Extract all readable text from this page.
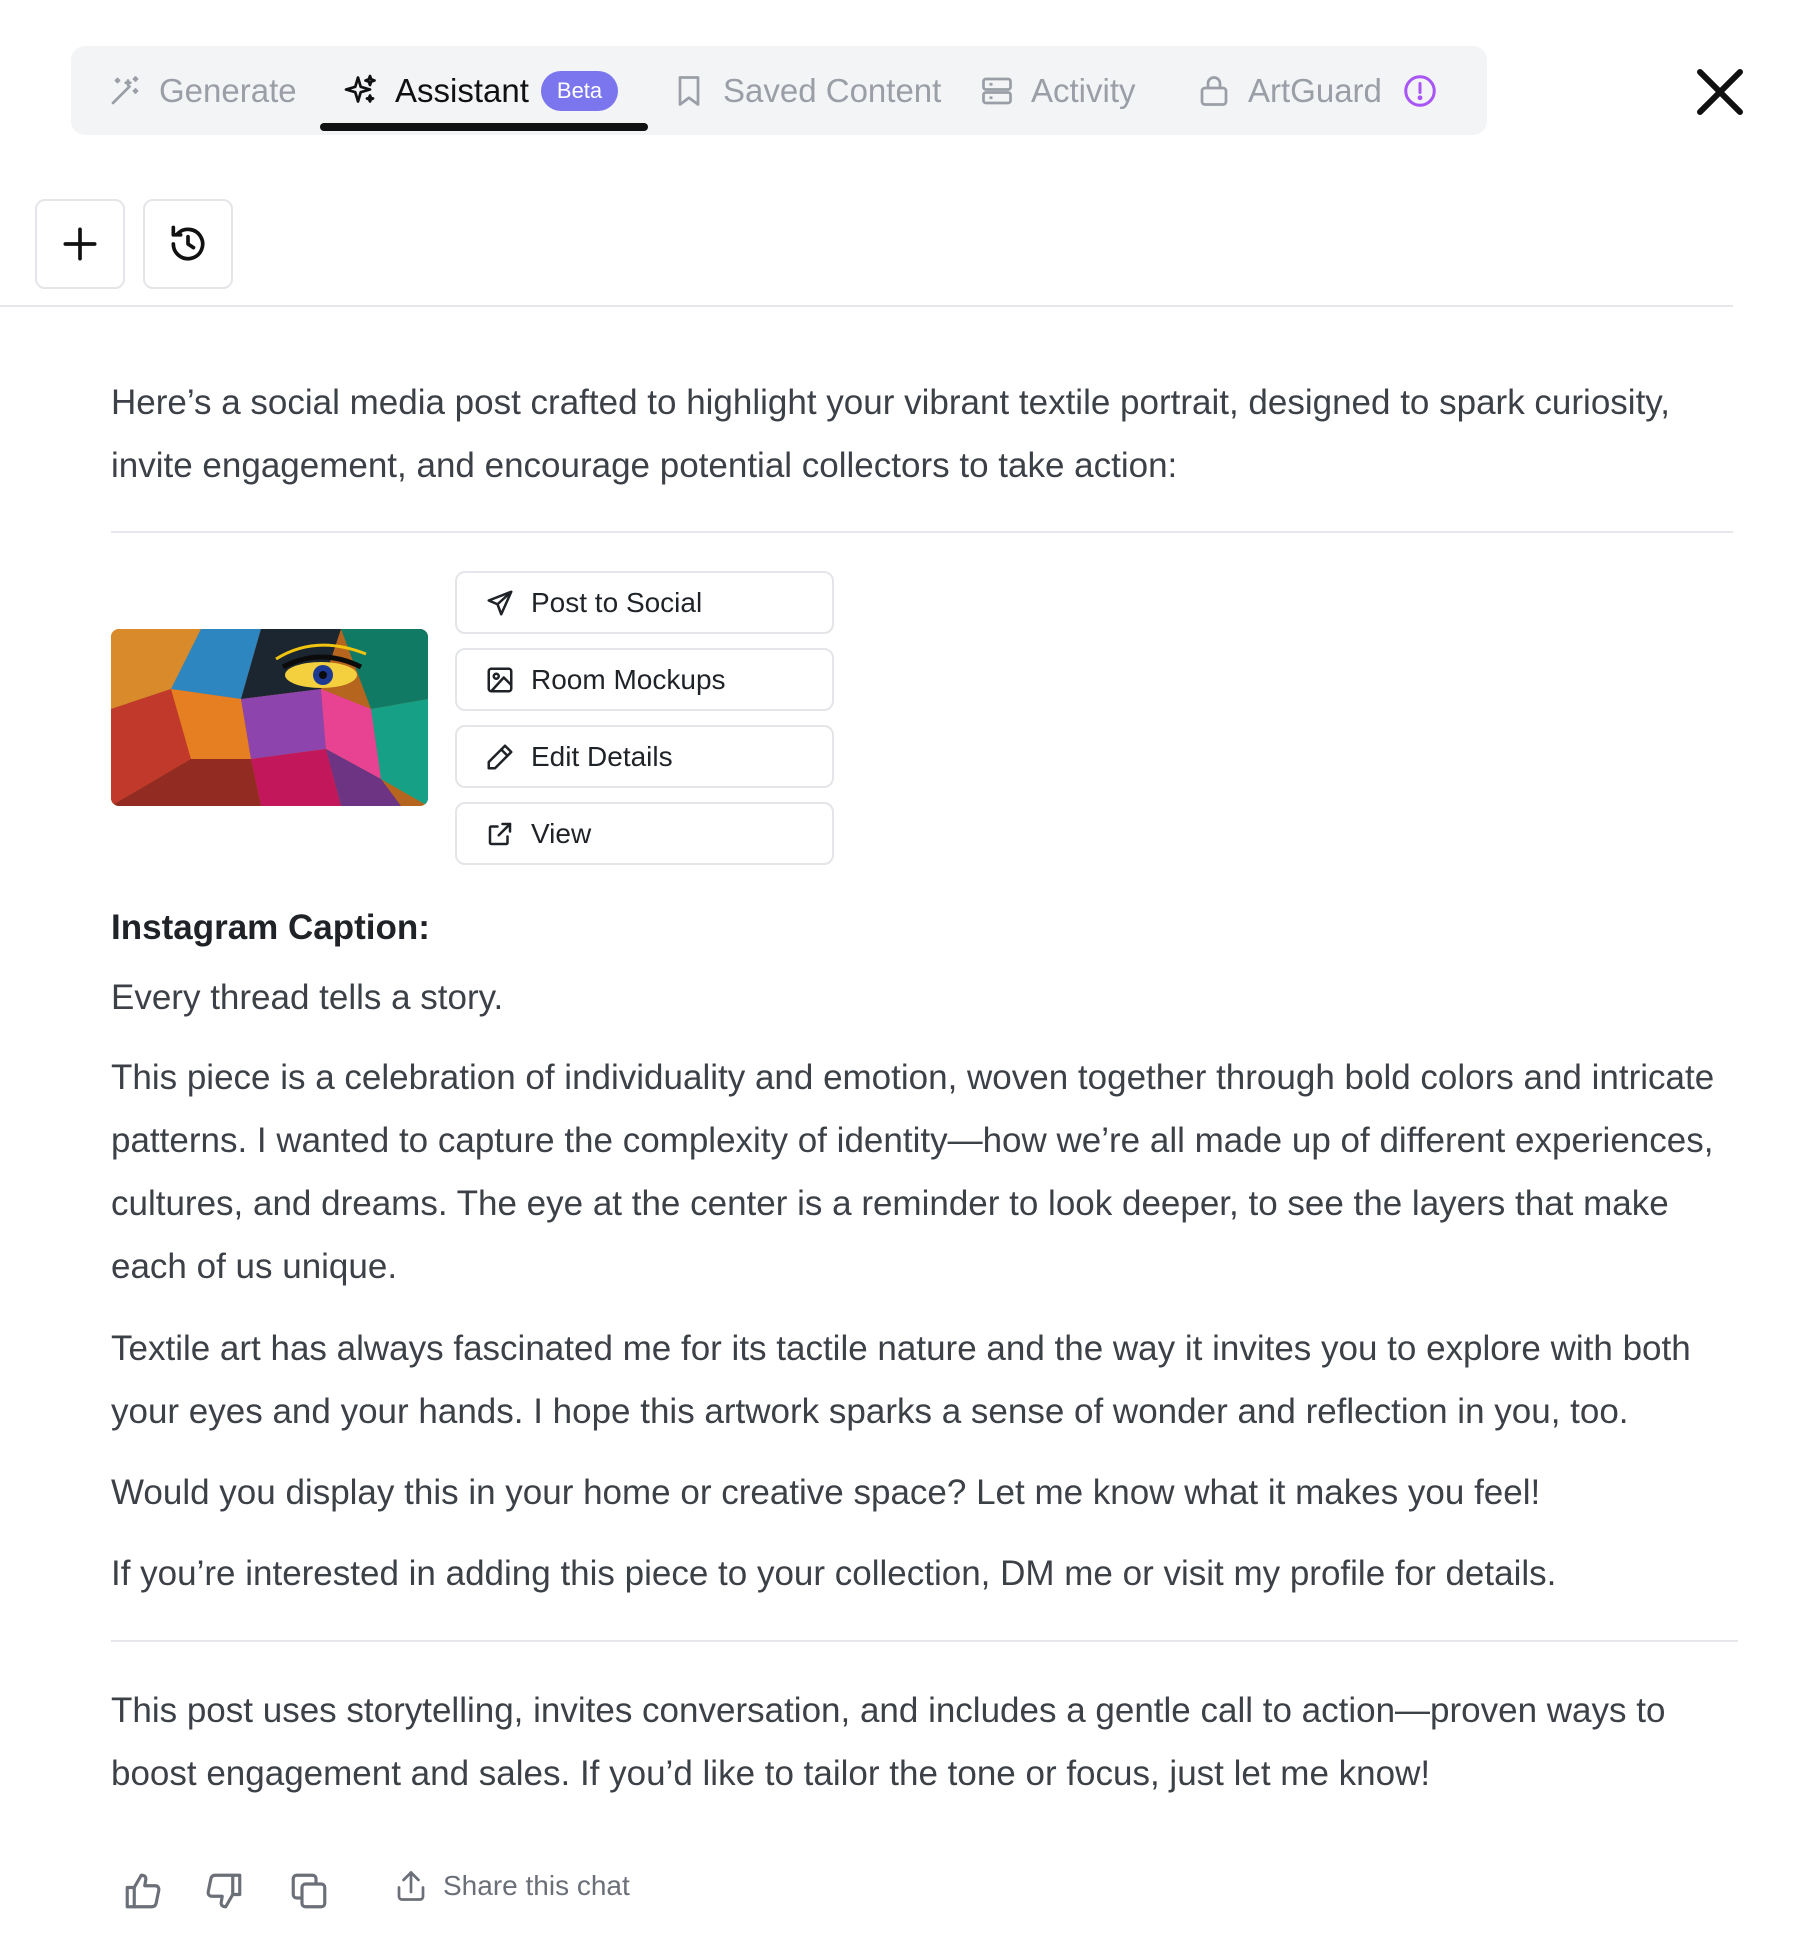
Generate	Assistant	Beta	Saved Content	Activity	ArtGuard
Here’s a social media post crafted to highlight your vibrant textile portrait, designed to spark curiosity, invite engagement, and encourage potential collectors to take action:
Post to Social
Room Mockups
Edit Details
View
Instagram Caption:
Every thread tells a story.
This piece is a celebration of individuality and emotion, woven together through bold colors and intricate patterns. I wanted to capture the complexity of identity—how we’re all made up of different experiences, cultures, and dreams. The eye at the center is a reminder to look deeper, to see the layers that make each of us unique.
Textile art has always fascinated me for its tactile nature and the way it invites you to explore with both your eyes and your hands. I hope this artwork sparks a sense of wonder and reflection in you, too.
Would you display this in your home or creative space? Let me know what it makes you feel!
If you’re interested in adding this piece to your collection, DM me or visit my profile for details.
This post uses storytelling, invites conversation, and includes a gentle call to action—proven ways to boost engagement and sales. If you’d like to tailor the tone or focus, just let me know!
Share this chat
